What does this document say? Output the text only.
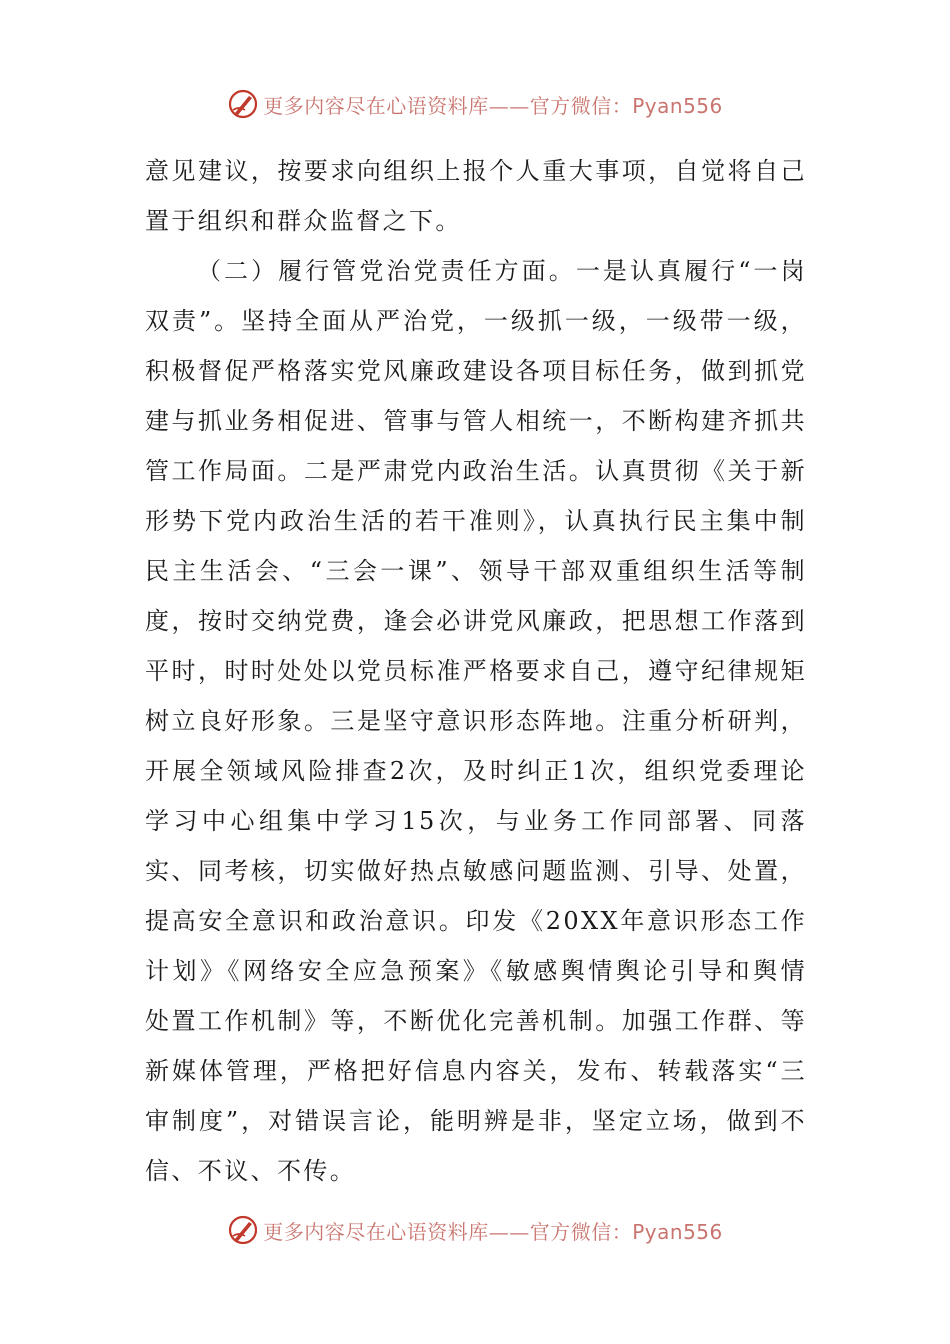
更多内容尽在心语资料库——官方微信：Pyan556

意见建议，按要求向组织上报个人重大事项，自觉将自己置于组织和群众监督之下。

（二）履行管党治党责任方面。一是认真履行“一岗双责”。坚持全面从严治党，一级抓一级，一级带一级，积极督促严格落实党风廉政建设各项目标任务，做到抓党建与抓业务相促进、管事与管人相统一，不断构建齐抓共管工作局面。二是严肃党内政治生活。认真贯彻《关于新形势下党内政治生活的若干准则》，认真执行民主集中制民主生活会、“三会一课”、领导干部双重组织生活等制度，按时交纳党费，逢会必讲党风廉政，把思想工作落到平时，时时处处以党员标准严格要求自己，遵守纪律规矩树立良好形象。三是坚守意识形态阵地。注重分析研判，开展全领域风险排查2次，及时纠正1次，组织党委理论学习中心组集中学习15次，与业务工作同部署、同落实、同考核，切实做好热点敏感问题监测、引导、处置，提高安全意识和政治意识。印发《20XX年意识形态工作计划》《网络安全应急预案》《敏感舆情舆论引导和舆情处置工作机制》等，不断优化完善机制。加强工作群、等新媒体管理，严格把好信息内容关，发布、转载落实“三审制度”，对错误言论，能明辨是非，坚定立场，做到不信、不议、不传。

更多内容尽在心语资料库——官方微信：Pyan556
